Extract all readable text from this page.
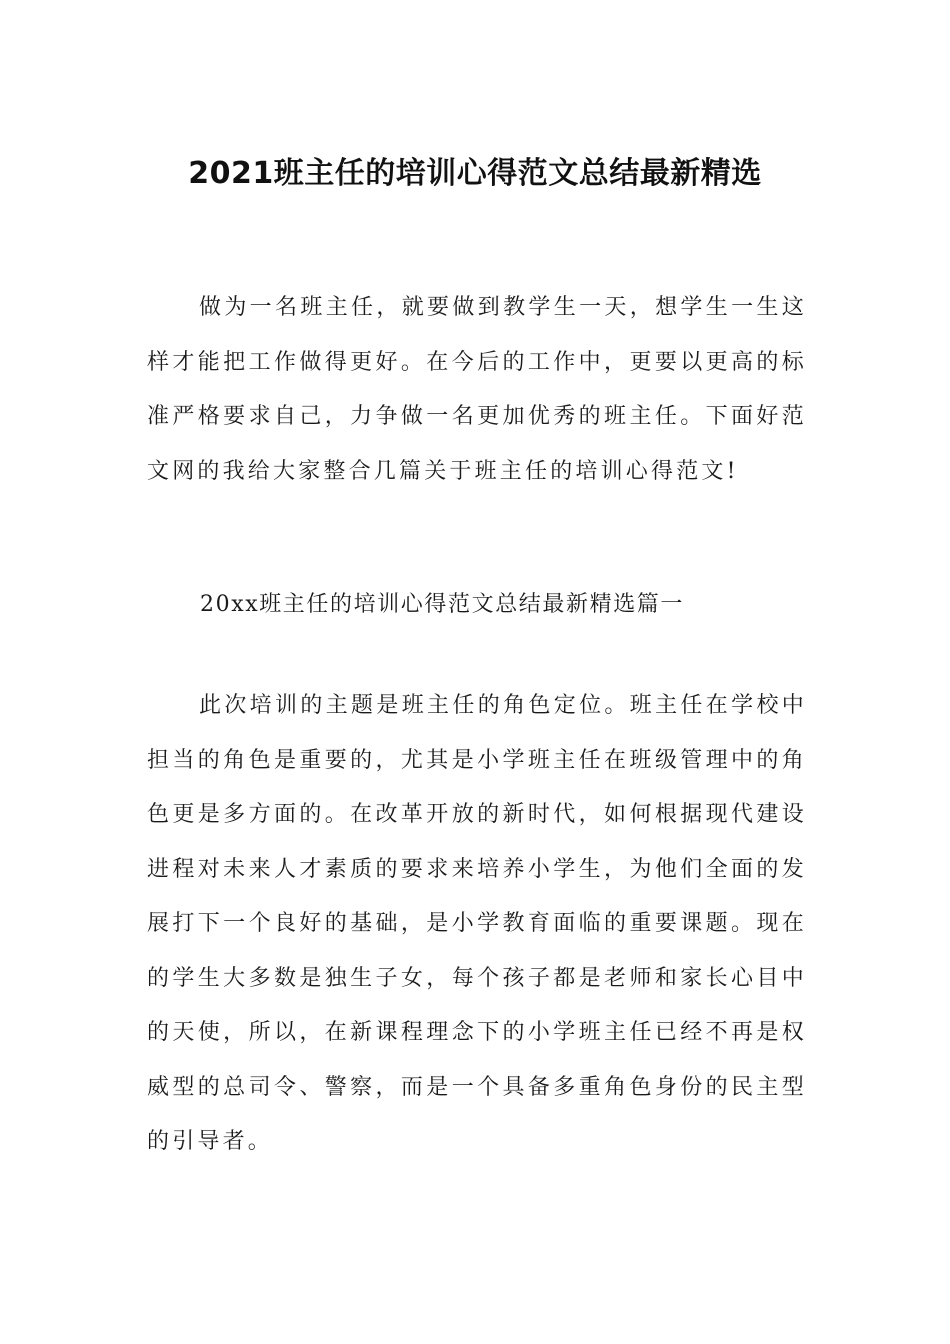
2021班主任的培训心得范文总结最新精选

做为一名班主任，就要做到教学生一天，想学生一生这样才能把工作做得更好。在今后的工作中，更要以更高的标准严格要求自己，力争做一名更加优秀的班主任。下面好范文网的我给大家整合几篇关于班主任的培训心得范文!

20xx班主任的培训心得范文总结最新精选篇一

此次培训的主题是班主任的角色定位。班主任在学校中担当的角色是重要的，尤其是小学班主任在班级管理中的角色更是多方面的。在改革开放的新时代，如何根据现代建设进程对未来人才素质的要求来培养小学生，为他们全面的发展打下一个良好的基础，是小学教育面临的重要课题。现在的学生大多数是独生子女，每个孩子都是老师和家长心目中的天使，所以，在新课程理念下的小学班主任已经不再是权威型的总司令、警察，而是一个具备多重角色身份的民主型的引导者。
